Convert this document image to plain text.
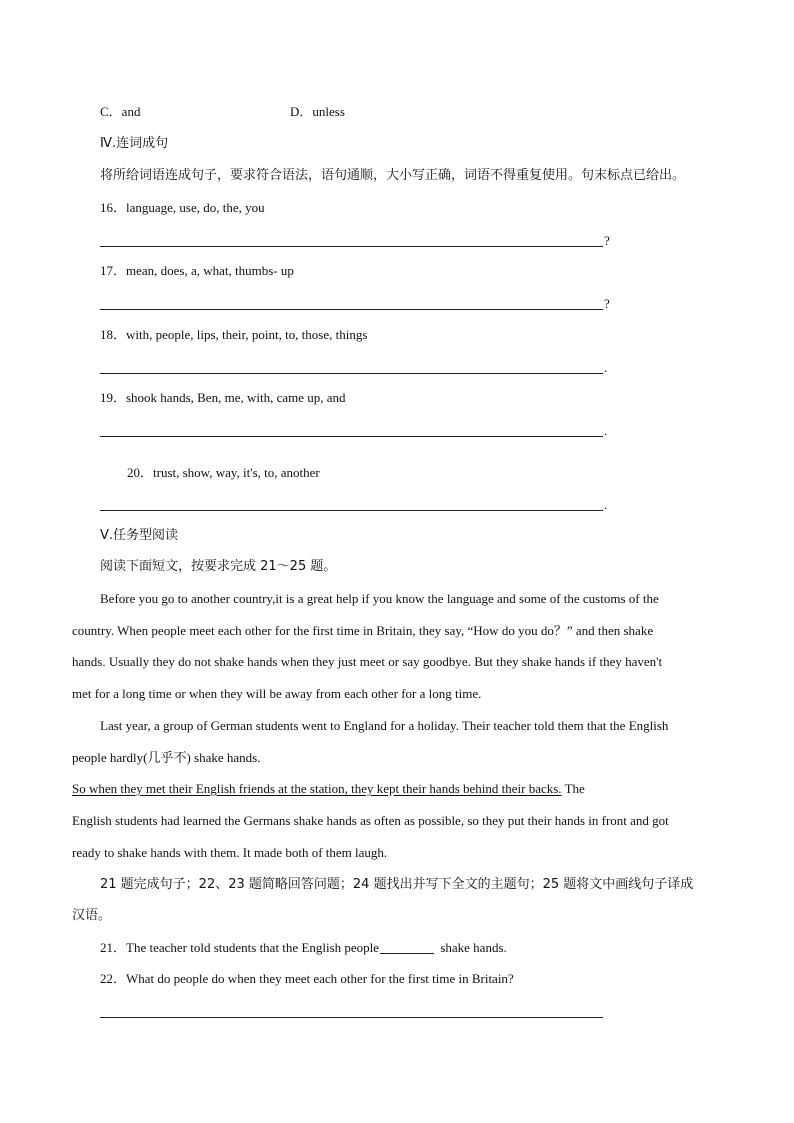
C．and	D．unless
Ⅳ.连词成句
将所给词语连成句子，要求符合语法，语句通顺，大小写正确，词语不得重复使用。句末标点已给出。
16．language, use, do, the, you
?
17．mean, does, a, what, thumbs- up
?
18．with, people, lips, their, point, to, those, things
.
19．shook hands, Ben, me, with, came up, and
.
20．trust, show, way, it's, to, another
.
Ⅴ.任务型阅读
阅读下面短文，按要求完成 21～25 题。
Before you go to another country,it is a great help if you know the language and some of the customs of the
country. When people meet each other for the first time in Britain, they say, “How do you do？” and then shake
hands. Usually they do not shake hands when they just meet or say goodbye. But they shake hands if they haven't
met for a long time or when they will be away from each other for a long time.
Last year, a group of German students went to England for a holiday. Their teacher told them that the English
people hardly(几乎不) shake hands.
So when they met their English friends at the station, they kept their hands behind their backs. The
English students had learned the Germans shake hands as often as possible, so they put their hands in front and got
ready to shake hands with them. It made both of them laugh.
21 题完成句子；22、23 题简略回答问题；24 题找出并写下全文的主题句；25 题将文中画线句子译成
汉语。
21．The teacher told students that the English people	shake hands.
22．What do people do when they meet each other for the first time in Britain?
